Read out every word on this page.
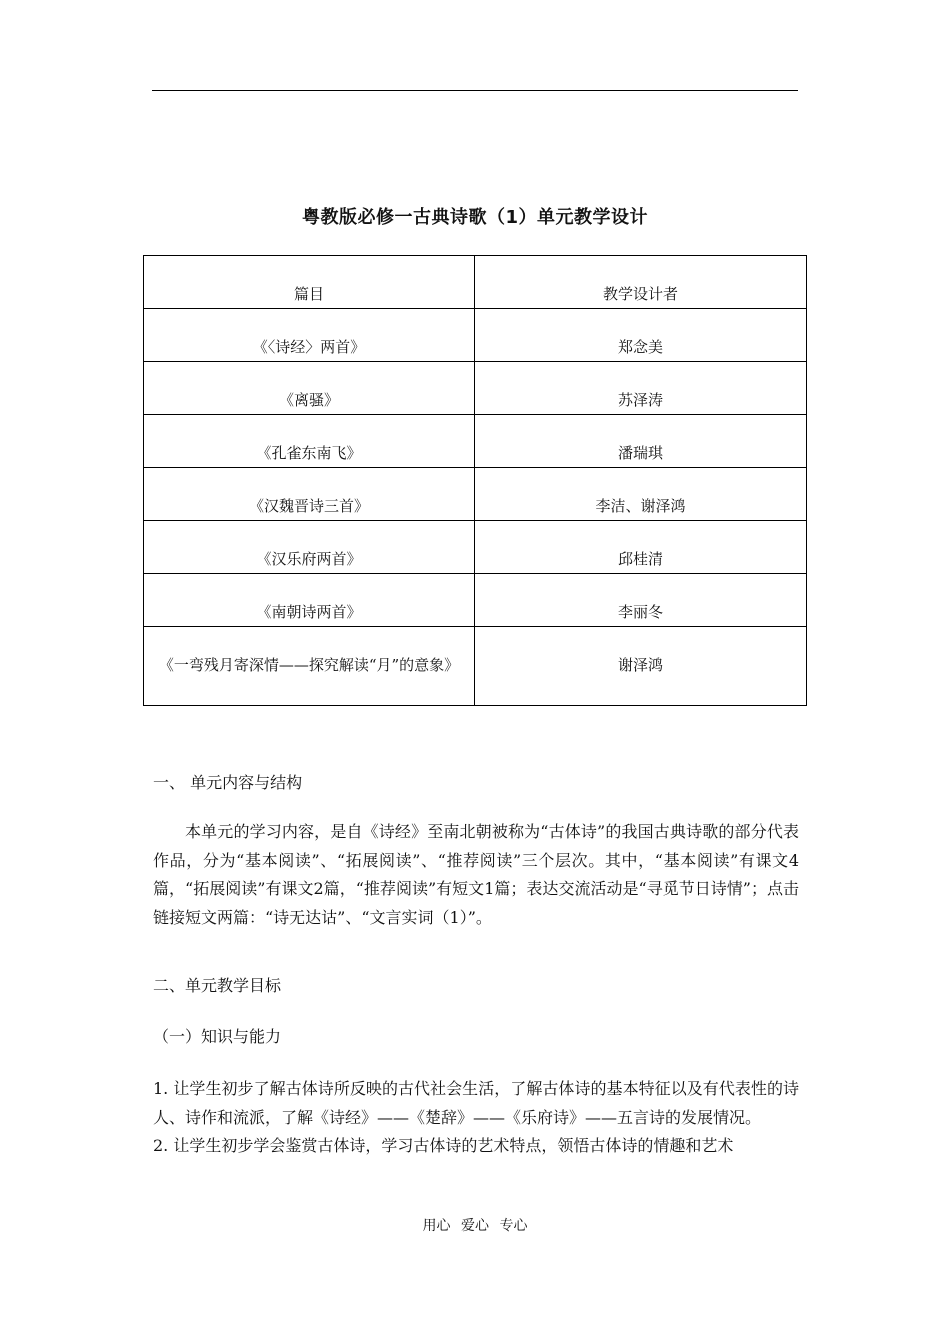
粤教版必修一古典诗歌（1）单元教学设计
篇目	教学设计者
《〈诗经〉两首》	郑念美
《离骚》	苏泽涛
《孔雀东南飞》	潘瑞琪
《汉魏晋诗三首》	李洁、谢泽鸿
《汉乐府两首》	邱桂清
《南朝诗两首》	李丽冬
《一弯残月寄深情——探究解读“月”的意象》	谢泽鸿
一、 单元内容与结构
本单元的学习内容，是自《诗经》至南北朝被称为“古体诗”的我国古典诗歌的部分代表作品，分为“基本阅读”、“拓展阅读”、“推荐阅读”三个层次。其中，“基本阅读”有课文4篇，“拓展阅读”有课文2篇，“推荐阅读”有短文1篇；表达交流活动是“寻觅节日诗情”；点击链接短文两篇：“诗无达诂”、“文言实词（1）”。
二、单元教学目标
（一）知识与能力
1. 让学生初步了解古体诗所反映的古代社会生活，了解古体诗的基本特征以及有代表性的诗人、诗作和流派，了解《诗经》——《楚辞》——《乐府诗》——五言诗的发展情况。
2. 让学生初步学会鉴赏古体诗，学习古体诗的艺术特点，领悟古体诗的情趣和艺术
用心 爱心 专心
